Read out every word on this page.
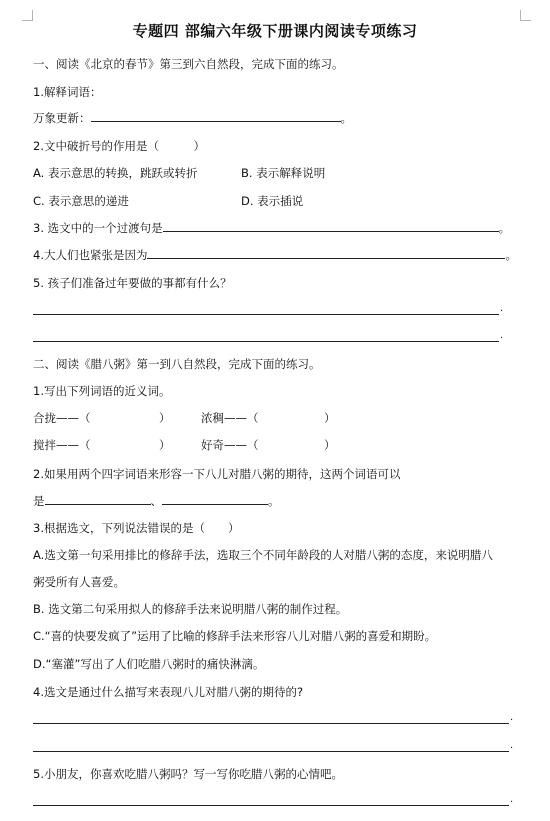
专题四 部编六年级下册课内阅读专项练习
一、阅读《北京的春节》第三到六自然段，完成下面的练习。
1.解释词语：
万象更新：	。
2.文中破折号的作用是（　　　）
A. 表示意思的转换，跳跃或转折	B. 表示解释说明
C. 表示意思的递进	D. 表示插说
3. 选文中的一个过渡句是	。
4.大人们也紧张是因为	。
5. 孩子们准备过年要做的事都有什么？
.
.
二、阅读《腊八粥》第一到八自然段，完成下面的练习。
1.写出下列词语的近义词。
合拢——（	）	浓稠——（	）
搅拌——（	）	好奇——（	）
2.如果用两个四字词语来形容一下八儿对腊八粥的期待，这两个词语可以
是	、	。
3.根据选文，下列说法错误的是（　　）
A.选文第一句采用排比的修辞手法，选取三个不同年龄段的人对腊八粥的态度，来说明腊八
粥受所有人喜爱。
B. 选文第二句采用拟人的修辞手法来说明腊八粥的制作过程。
C.“喜的快要发疯了”运用了比喻的修辞手法来形容八儿对腊八粥的喜爱和期盼。
D.“塞灌”写出了人们吃腊八粥时的痛快淋漓。
4.选文是通过什么描写来表现八儿对腊八粥的期待的?
.
.
5.小朋友，你喜欢吃腊八粥吗？写一写你吃腊八粥的心情吧。
.
